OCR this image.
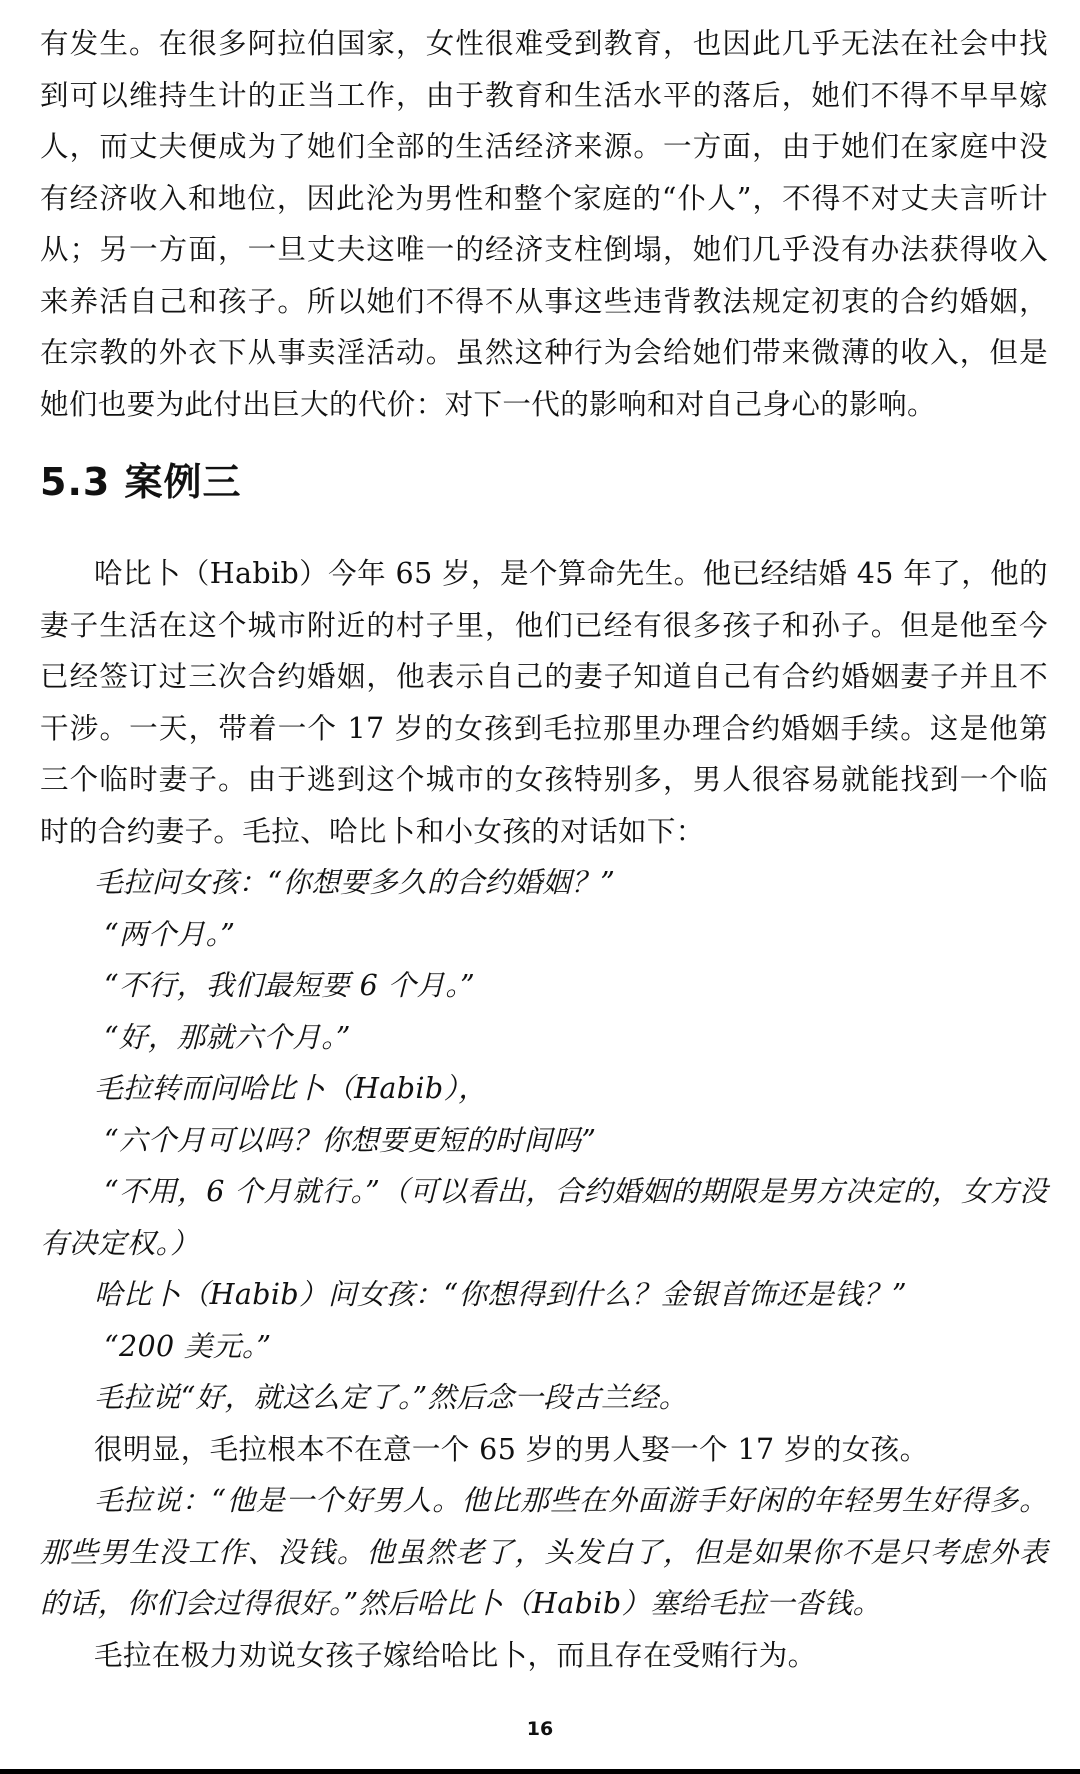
有发生。在很多阿拉伯国家，女性很难受到教育，也因此几乎无法在社会中找到可以维持生计的正当工作，由于教育和生活水平的落后，她们不得不早早嫁人，而丈夫便成为了她们全部的生活经济来源。一方面，由于她们在家庭中没有经济收入和地位，因此沦为男性和整个家庭的“仆人”，不得不对丈夫言听计从；另一方面，一旦丈夫这唯一的经济支柱倒塌，她们几乎没有办法获得收入来养活自己和孩子。所以她们不得不从事这些违背教法规定初衷的合约婚姻，在宗教的外衣下从事卖淫活动。虽然这种行为会给她们带来微薄的收入，但是她们也要为此付出巨大的代价：对下一代的影响和对自己身心的影响。

5.3 案例三

哈比卜（Habib）今年 65 岁，是个算命先生。他已经结婚 45 年了，他的妻子生活在这个城市附近的村子里，他们已经有很多孩子和孙子。但是他至今已经签订过三次合约婚姻，他表示自己的妻子知道自己有合约婚姻妻子并且不干涉。一天，带着一个 17 岁的女孩到毛拉那里办理合约婚姻手续。这是他第三个临时妻子。由于逃到这个城市的女孩特别多，男人很容易就能找到一个临时的合约妻子。毛拉、哈比卜和小女孩的对话如下：

毛拉问女孩：“你想要多久的合约婚姻？”

“两个月。”

“不行，我们最短要 6 个月。”

“好，那就六个月。”

毛拉转而问哈比卜（Habib），

“六个月可以吗？你想要更短的时间吗”

“不用，6 个月就行。”（可以看出，合约婚姻的期限是男方决定的，女方没有决定权。）

哈比卜（Habib）问女孩：“你想得到什么？金银首饰还是钱？”

“200 美元。”

毛拉说“好，就这么定了。”然后念一段古兰经。

很明显，毛拉根本不在意一个 65 岁的男人娶一个 17 岁的女孩。

毛拉说：“他是一个好男人。他比那些在外面游手好闲的年轻男生好得多。那些男生没工作、没钱。他虽然老了，头发白了，但是如果你不是只考虑外表的话，你们会过得很好。”然后哈比卜（Habib）塞给毛拉一沓钱。

毛拉在极力劝说女孩子嫁给哈比卜，而且存在受贿行为。

16
